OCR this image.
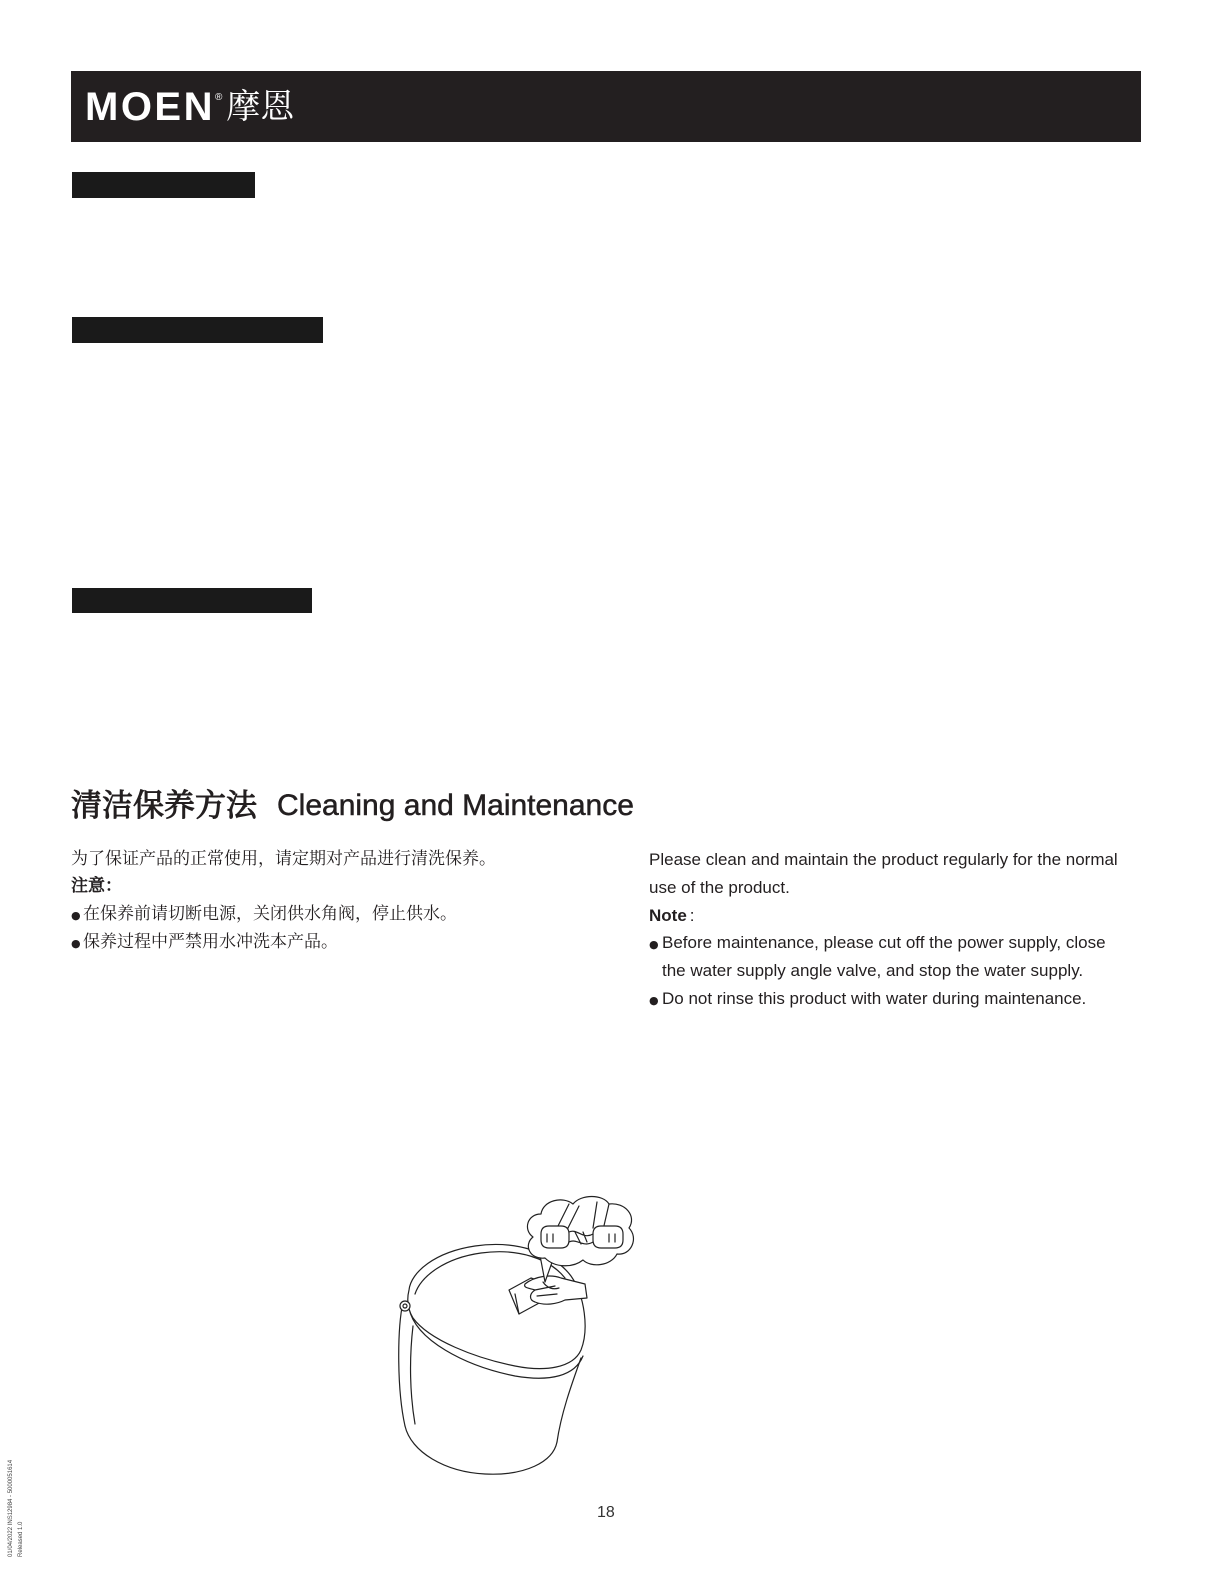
MOEN ® 摩恩
清洁保养方法 Cleaning and Maintenance

为了保证产品的正常使用，请定期对产品进行清洗保养。

注意：

● 在保养前请切断电源，关闭供水角阀，停止供水。
● 保养过程中严禁用水冲洗本产品。

Please clean and maintain the product regularly for the normal use of the product.

Note :

● Before maintenance, please cut off the power supply, close the water supply angle valve, and stop the water supply.
● Do not rinse this product with water during maintenance.
18
01/04/2022 INS12984 - 5000051614 Released 1.0
